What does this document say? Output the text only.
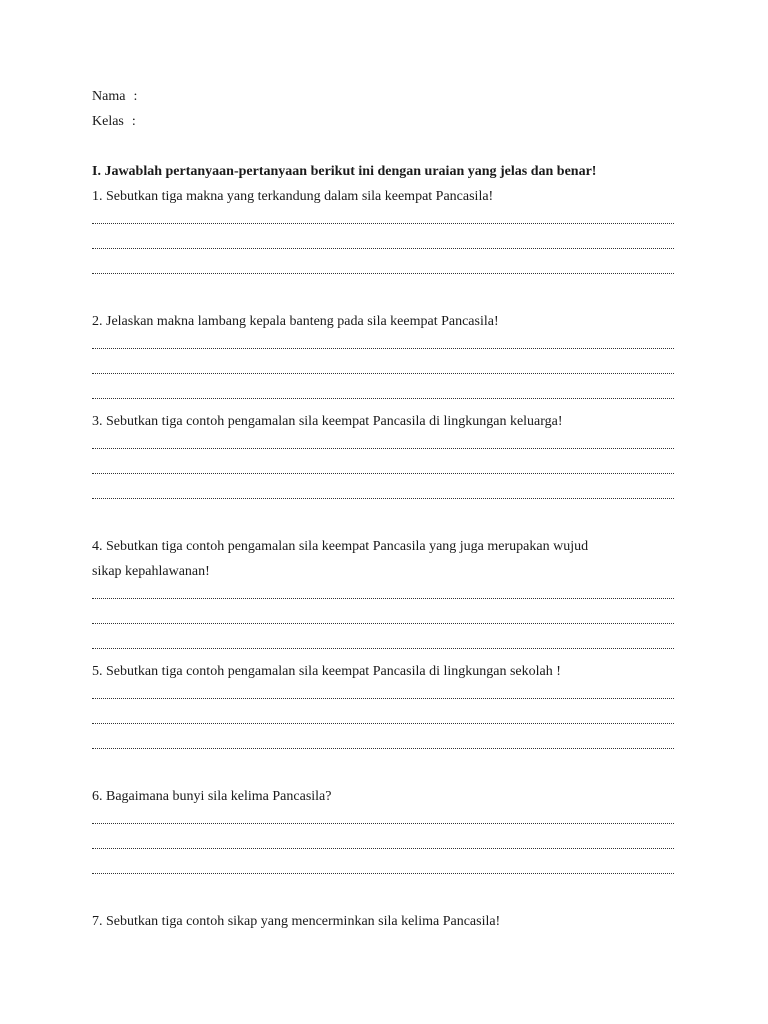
Nama :
Kelas :
I. Jawablah pertanyaan-pertanyaan berikut ini dengan uraian yang jelas dan benar!
1. Sebutkan tiga makna yang terkandung dalam sila keempat Pancasila!
2. Jelaskan makna lambang kepala banteng pada sila keempat Pancasila!
3. Sebutkan tiga contoh pengamalan sila keempat Pancasila di lingkungan keluarga!
4. Sebutkan tiga contoh pengamalan sila keempat Pancasila yang juga merupakan wujud
sikap kepahlawanan!
5. Sebutkan tiga contoh pengamalan sila keempat Pancasila di lingkungan sekolah !
6. Bagaimana bunyi sila kelima Pancasila?
7. Sebutkan tiga contoh sikap yang mencerminkan sila kelima Pancasila!
